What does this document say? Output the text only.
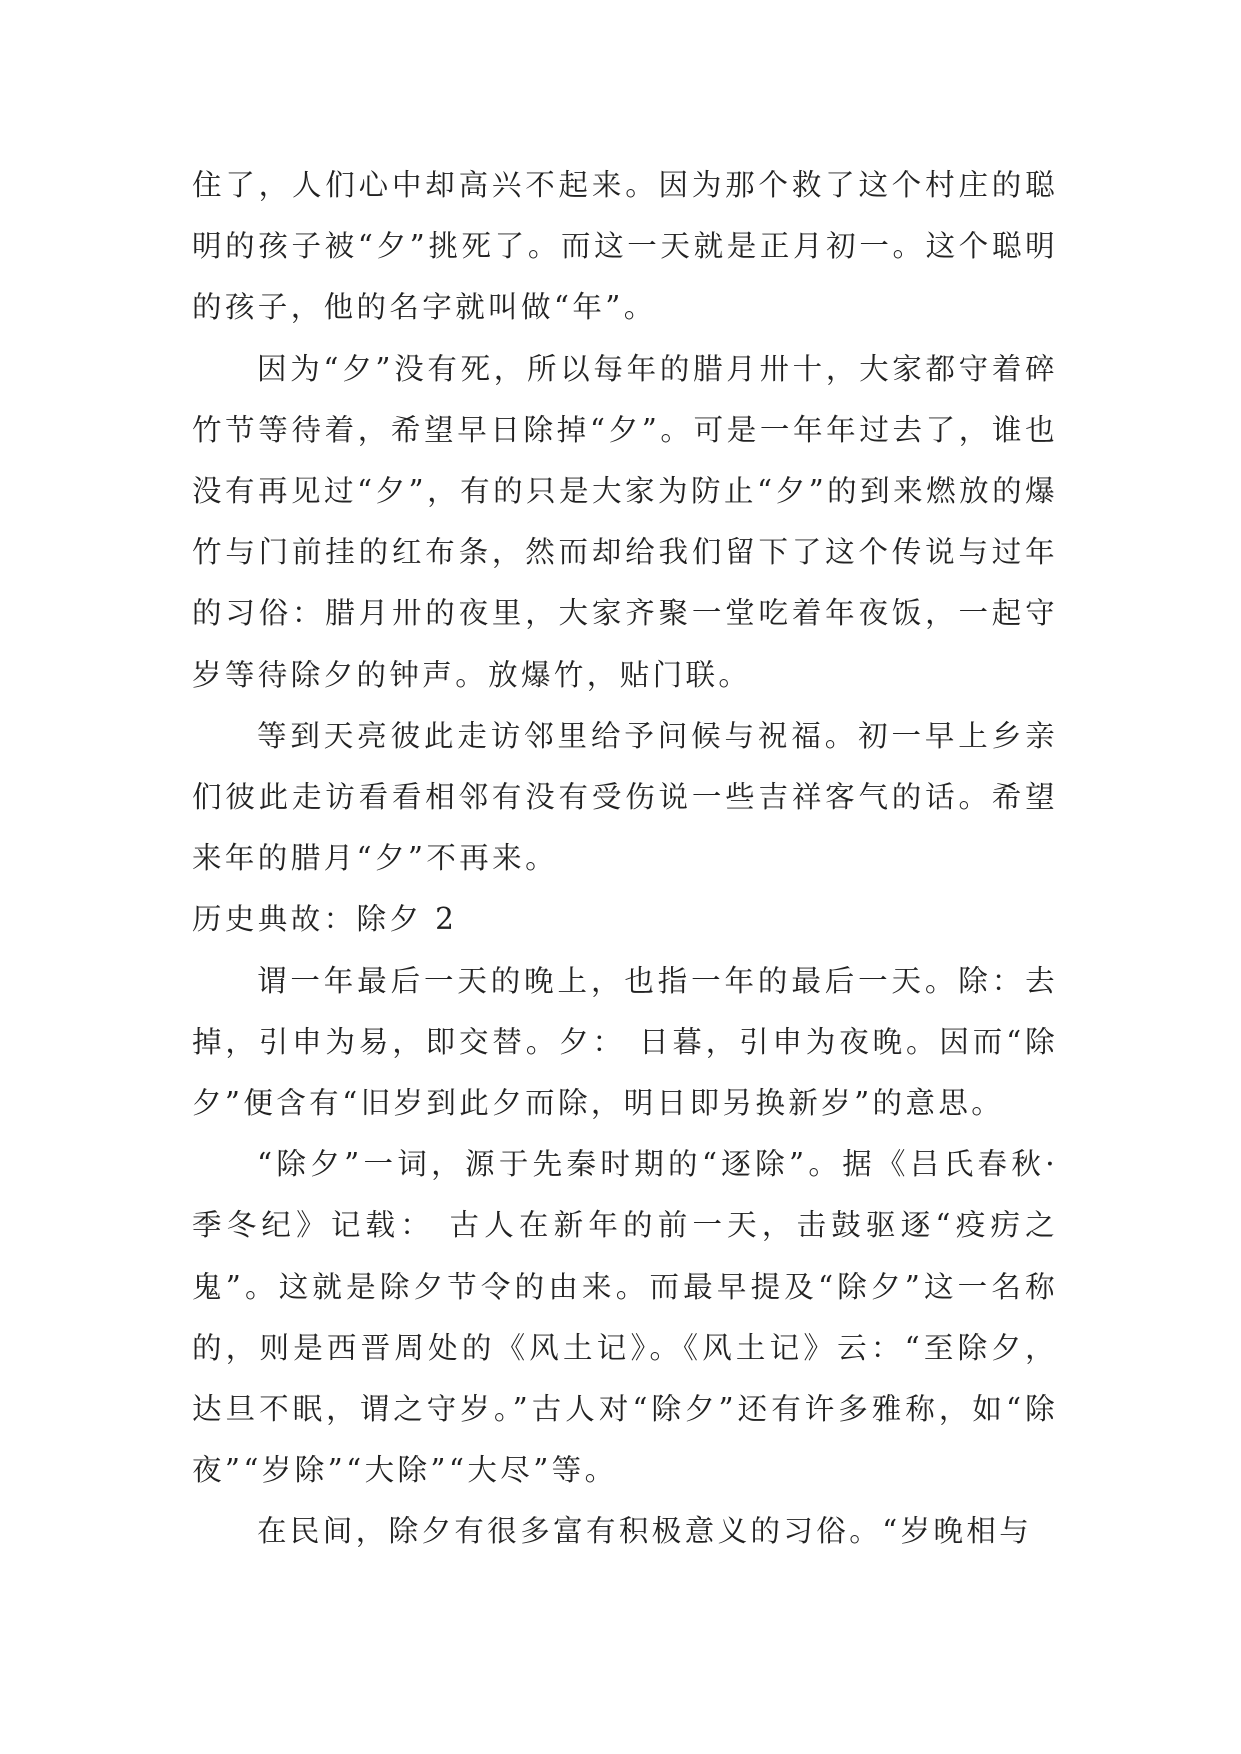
住了，人们心中却高兴不起来。因为那个救了这个村庄的聪明的孩子被“夕”挑死了。而这一天就是正月初一。这个聪明的孩子，他的名字就叫做“年”。

因为“夕”没有死，所以每年的腊月卅十，大家都守着碎竹节等待着，希望早日除掉“夕”。可是一年年过去了，谁也没有再见过“夕”，有的只是大家为防止“夕”的到来燃放的爆竹与门前挂的红布条，然而却给我们留下了这个传说与过年的习俗：腊月卅的夜里，大家齐聚一堂吃着年夜饭，一起守岁等待除夕的钟声。放爆竹，贴门联。

等到天亮彼此走访邻里给予问候与祝福。初一早上乡亲们彼此走访看看相邻有没有受伤说一些吉祥客气的话。希望来年的腊月“夕”不再来。

历史典故：除夕 2

谓一年最后一天的晚上，也指一年的最后一天。除：去掉，引申为易，即交替。夕： 日暮，引申为夜晚。因而“除夕”便含有“旧岁到此夕而除，明日即另换新岁”的意思。

“除夕”一词，源于先秦时期的“逐除”。据《吕氏春秋·季冬纪》记载： 古人在新年的前一天，击鼓驱逐“疫疠之鬼”。这就是除夕节令的由来。而最早提及“除夕”这一名称的，则是西晋周处的《风土记》。《风土记》云：“至除夕，达旦不眠，谓之守岁。”古人对“除夕”还有许多雅称，如“除夜”“岁除”“大除”“大尽”等。

在民间，除夕有很多富有积极意义的习俗。“岁晚相与
